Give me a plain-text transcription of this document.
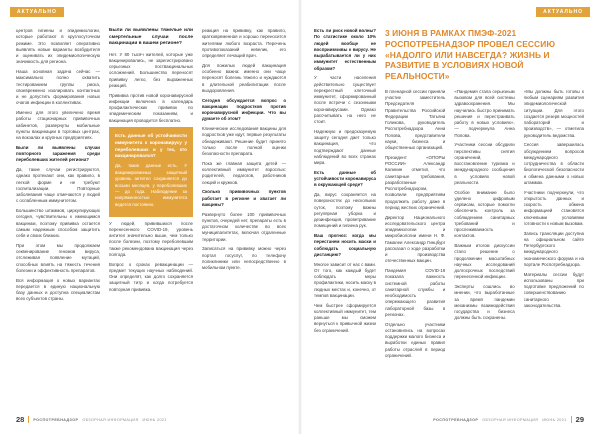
АКТУАЛЬНО

центров гигиены и эпидемиологии, которые работают в круглосуточном режиме. Это позволяет оперативно выявлять новые варианты возбудителя и оценивать их эпидемиологическую значимость для региона.

Наша основная задача сейчас — максимально полно охватить тестированием группы риска, своевременно изолировать контактных и не допустить формирования новых очагов инфекции в коллективах.

Именно для этого увеличено время работы стационарных прививочных кабинетов, развернуты мобильные пункты вакцинации в торговых центрах, на вокзалах и крупных предприятиях.

Были ли выявлены случаи повторного заражения среди переболевших жителей региона?

Да, такие случаи регистрируются, однако протекают они, как правило, в легкой форме и не требуют госпитализации. Повторные заболевания чаще отмечаются у людей с ослабленным иммунитетом.

Большинство штаммов, циркулирующих сегодня, чувствительны к имеющимся вакцинам, поэтому прививка остается самым надежным способом защитить себя и своих близких.

При этом мы продолжаем секвенирование геномов вируса, отслеживая появление мутаций, способных влиять на тяжесть течения болезни и эффективность препаратов.

Вся информация о новых вариантах передается в единую национальную базу данных и доступна специалистам всех субъектов страны.

Были ли выявлены тяжелые или смертельные случаи после вакцинации в вашем регионе?

Нет. У 80 тысяч жителей, которые уже вакцинировались, не зарегистрировано серьезных поствакцинальных осложнений. Большинство переносят прививку легко, без выраженных реакций.

Прививка против новой коронавирусной инфекции включена в календарь профилактических прививок по эпидемическим показаниям, и вакцинация проводится бесплатно.

Есть данные об устойчивости иммунитета к коронавирусу у переболевших и у тех, кто вакцинировался?

Да, такие данные есть. У вакцинированных защитный уровень антител сохраняется до восьми месяцев, у переболевших — до года. Наблюдение за напряженностью иммунитета ведется постоянно.

У людей, привившихся после перенесенного COVID-19, уровень антител значительно выше, чем только после болезни, поэтому переболевшим также рекомендована вакцинация через полгода.

Вопрос о сроках ревакцинации — предмет текущих научных наблюдений. Они определят, как долго сохраняется защитный титр и когда потребуется повторная прививка.

реакция на прививку, как правило, кратковременная и хорошо переносится жителями любого возраста. Перечень противопоказаний невелик, его определяет лечащий врач.

Для пожилых людей вакцинация особенно важна: именно они чаще переносят болезнь тяжело и нуждаются в длительной реабилитации после выздоровления.

Сегодня обсуждается вопрос о вакцинации подростков против коронавирусной инфекции. Что вы думаете об этом?

Клинические исследования вакцины для подростков уже идут, первые результаты обнадеживают. Решение будет принято только после полной оценки безопасности препарата.

Пока же главная защита детей — коллективный иммунитет взрослых: родителей, педагогов, работников секций и кружков.

Сколько прививочных пунктов работает в регионе и хватает ли вакцины?

Развернуто более 100 прививочных пунктов, очередей нет, препараты есть в достаточном количестве во всех муниципалитетах, включая отдаленные территории.

Записаться на прививку можно через портал госуслуг, по телефону поликлиники или непосредственно в мобильном пункте.

28 РОСПОТРЕБНАДЗОР ОБЗОРНАЯ ИНФОРМАЦИЯ ИЮНЬ 2021
АКТУАЛЬНО

Есть ли риск новой волны? По статистике около 10% людей вообще не восприимчивы к вирусу. Не вырабатывается ли у них иммунитет естественным образом?

У части населения действительно существует перекрестный клеточный иммунитет, сформированный после встречи с сезонными коронавирусами. Однако рассчитывать на него не стоит.

Надежную и предсказуемую защиту сегодня дает только вакцинация, что подтверждают данные наблюдений во всех странах мира.

Есть данные об устойчивости коронавируса в окружающей среде?

Да, вирус сохраняется на поверхностях до нескольких суток, поэтому важны регулярная уборка и дезинфекция, проветривание помещений и гигиена рук.

Ваш прогноз: когда мы перестанем носить маски и соблюдать социальную дистанцию?

Многое зависит от нас с вами. От того, как каждый будет соблюдать меры профилактики, носить маску в людных местах и, конечно, от темпов вакцинации.

Чем быстрее сформируется коллективный иммунитет, тем раньше мы сможем вернуться к привычной жизни без ограничений.

3 ИЮНЯ В РАМКАХ ПМЭФ-2021 РОСПОТРЕБНАДЗОР ПРОВЕЛ СЕССИЮ «НАДОЛГО ИЛИ НАВСЕГДА? ЖИЗНЬ И РАЗВИТИЕ В УСЛОВИЯХ НОВОЙ РЕАЛЬНОСТИ»

В пленарной сессии приняли участие заместитель Председателя Правительства Российской Федерации Татьяна Голикова, руководитель Роспотребнадзора Анна Попова, представители науки, бизнеса и общественных организаций.

Президент «ОПОРЫ РОССИИ» Александр Калинин отметил, что санитарные требования, разработанные Роспотребнадзором, позволили предприятиям продолжить работу даже в период жестких ограничений.

Директор Национального исследовательского центра эпидемиологии и микробиологии имени Н. Ф. Гамалеи Александр Гинцбург рассказал о ходе разработки и производства отечественных вакцин.

Пандемия COVID-19 показала важность системной работы санитарной службы и необходимость опережающего развития лабораторной базы в регионах.

Отдельно участники остановились на вопросах поддержки малого бизнеса и выработки единых правил работы отраслей в период ограничений.

«Пандемия стала серьезным вызовом для всей системы здравоохранения. Мы научились быстро принимать решения и перестраивать работу в новых условиях», — подчеркнула Анна Попова.

Участники сессии обсудили перспективы снятия ограничений, восстановление туризма и международного сообщения в условиях новой реальности.

Особое внимание было уделено цифровым сервисам, которые помогли обеспечить контроль за соблюдением санитарных требований и прослеживаемость контактов.

Важным итогом дискуссии стало решение о продолжении масштабных научных исследований долгосрочных последствий перенесенной инфекции.

Эксперты сошлись во мнении, что выработанные за время пандемии механизмы взаимодействия государства и бизнеса должны быть сохранены.

«Мы должны быть готовы к любым сценариям развития эпидемиологической ситуации. Для этого создается резерв мощностей лабораторий и производств», — отметила руководитель ведомства.

Сессия завершилась обсуждением вопросов международного сотрудничества в области биологической безопасности и обмена данными о новых штаммах.

Участники подчеркнули, что открытость данных и скорость обмена информацией становятся ключевыми условиями готовности к новым вызовам.

Запись трансляции доступна на официальном сайте Петербургского международного экономического форума и на портале Роспотребнадзора.

Материалы сессии будут использованы при подготовке предложений по совершенствованию санитарного законодательства.

РОСПОТРЕБНАДЗОР ОБЗОРНАЯ ИНФОРМАЦИЯ ИЮНЬ 2021 29
